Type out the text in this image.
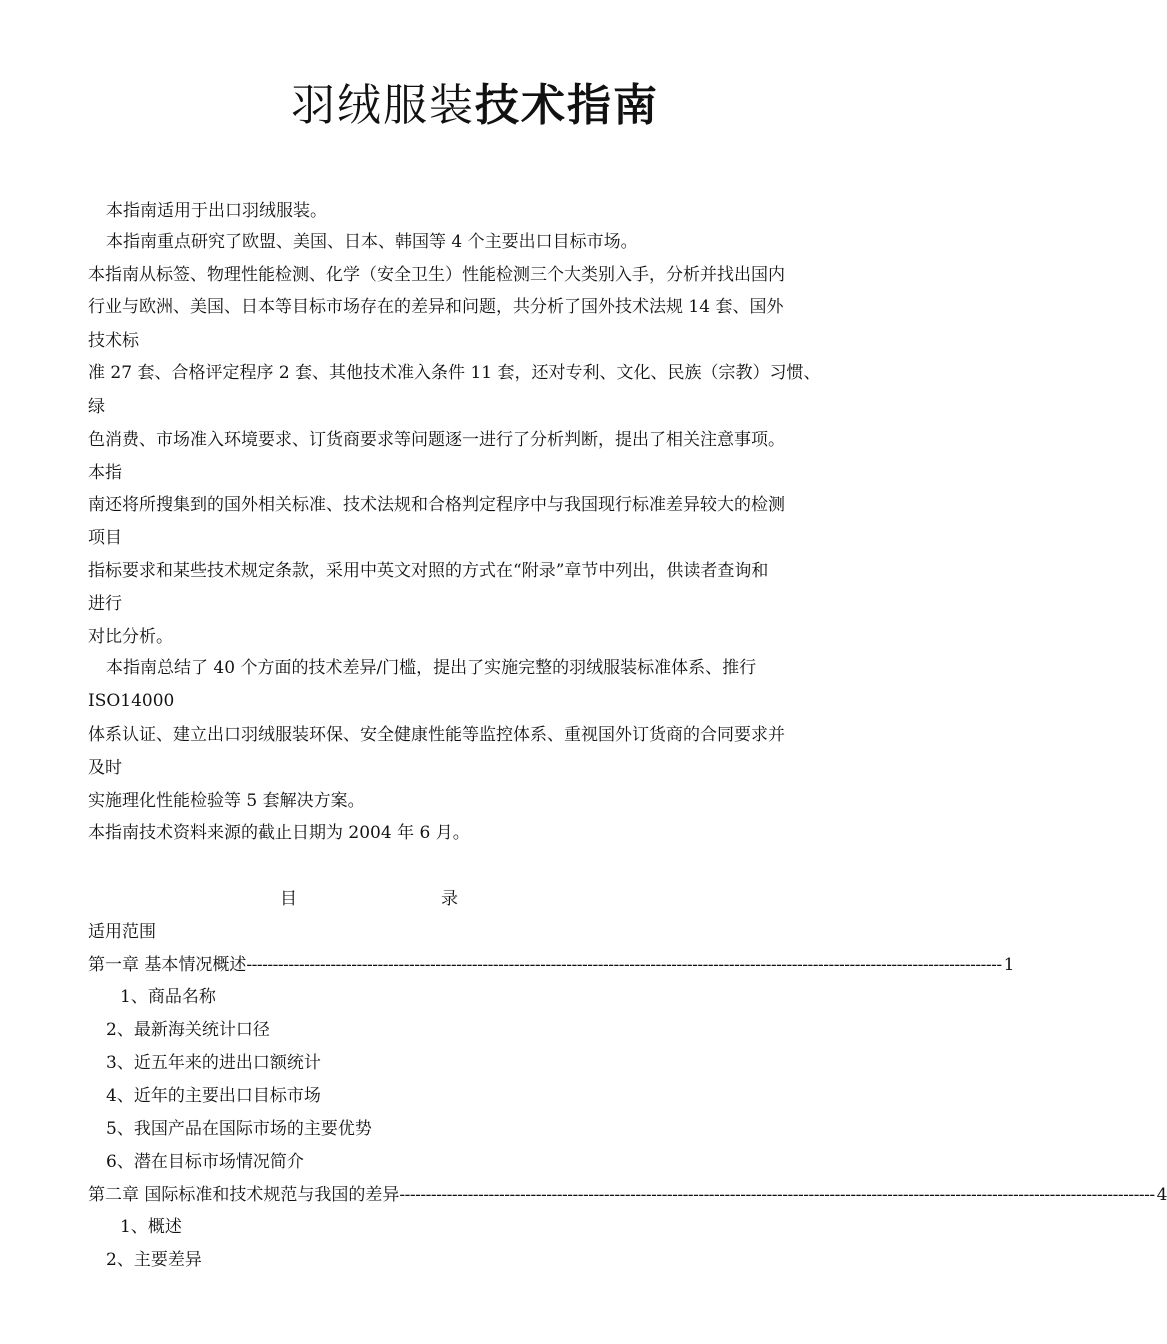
羽绒服装技术指南
本指南适用于出口羽绒服装。
本指南重点研究了欧盟、美国、日本、韩国等 4 个主要出口目标市场。
本指南从标签、物理性能检测、化学（安全卫生）性能检测三个大类别入手，分析并找出国内
行业与欧洲、美国、日本等目标市场存在的差异和问题，共分析了国外技术法规 14 套、国外
技术标
准 27 套、合格评定程序 2 套、其他技术准入条件 11 套，还对专利、文化、民族（宗教）习惯、
绿
色消费、市场准入环境要求、订货商要求等问题逐一进行了分析判断，提出了相关注意事项。
本指
南还将所搜集到的国外相关标准、技术法规和合格判定程序中与我国现行标准差异较大的检测
项目
指标要求和某些技术规定条款，采用中英文对照的方式在“附录”章节中列出，供读者查询和
进行
对比分析。
本指南总结了 40 个方面的技术差异/门槛，提出了实施完整的羽绒服装标准体系、推行
ISO14000
体系认证、建立出口羽绒服装环保、安全健康性能等监控体系、重视国外订货商的合同要求并
及时
实施理化性能检验等 5 套解决方案。
本指南技术资料来源的截止日期为 2004 年 6 月。
目	录
适用范围
第一章 基本情况概述 ------------------------------------------------------------------------------------------------------------------------------------------------ 1
1、商品名称
2、最新海关统计口径
3、近五年来的进出口额统计
4、近年的主要出口目标市场
5、我国产品在国际市场的主要优势
6、潜在目标市场情况简介
第二章 国际标准和技术规范与我国的差异 ------------------------------------------------------------------------------------------------------------------------------------------------ 4
1、概述
2、主要差异
